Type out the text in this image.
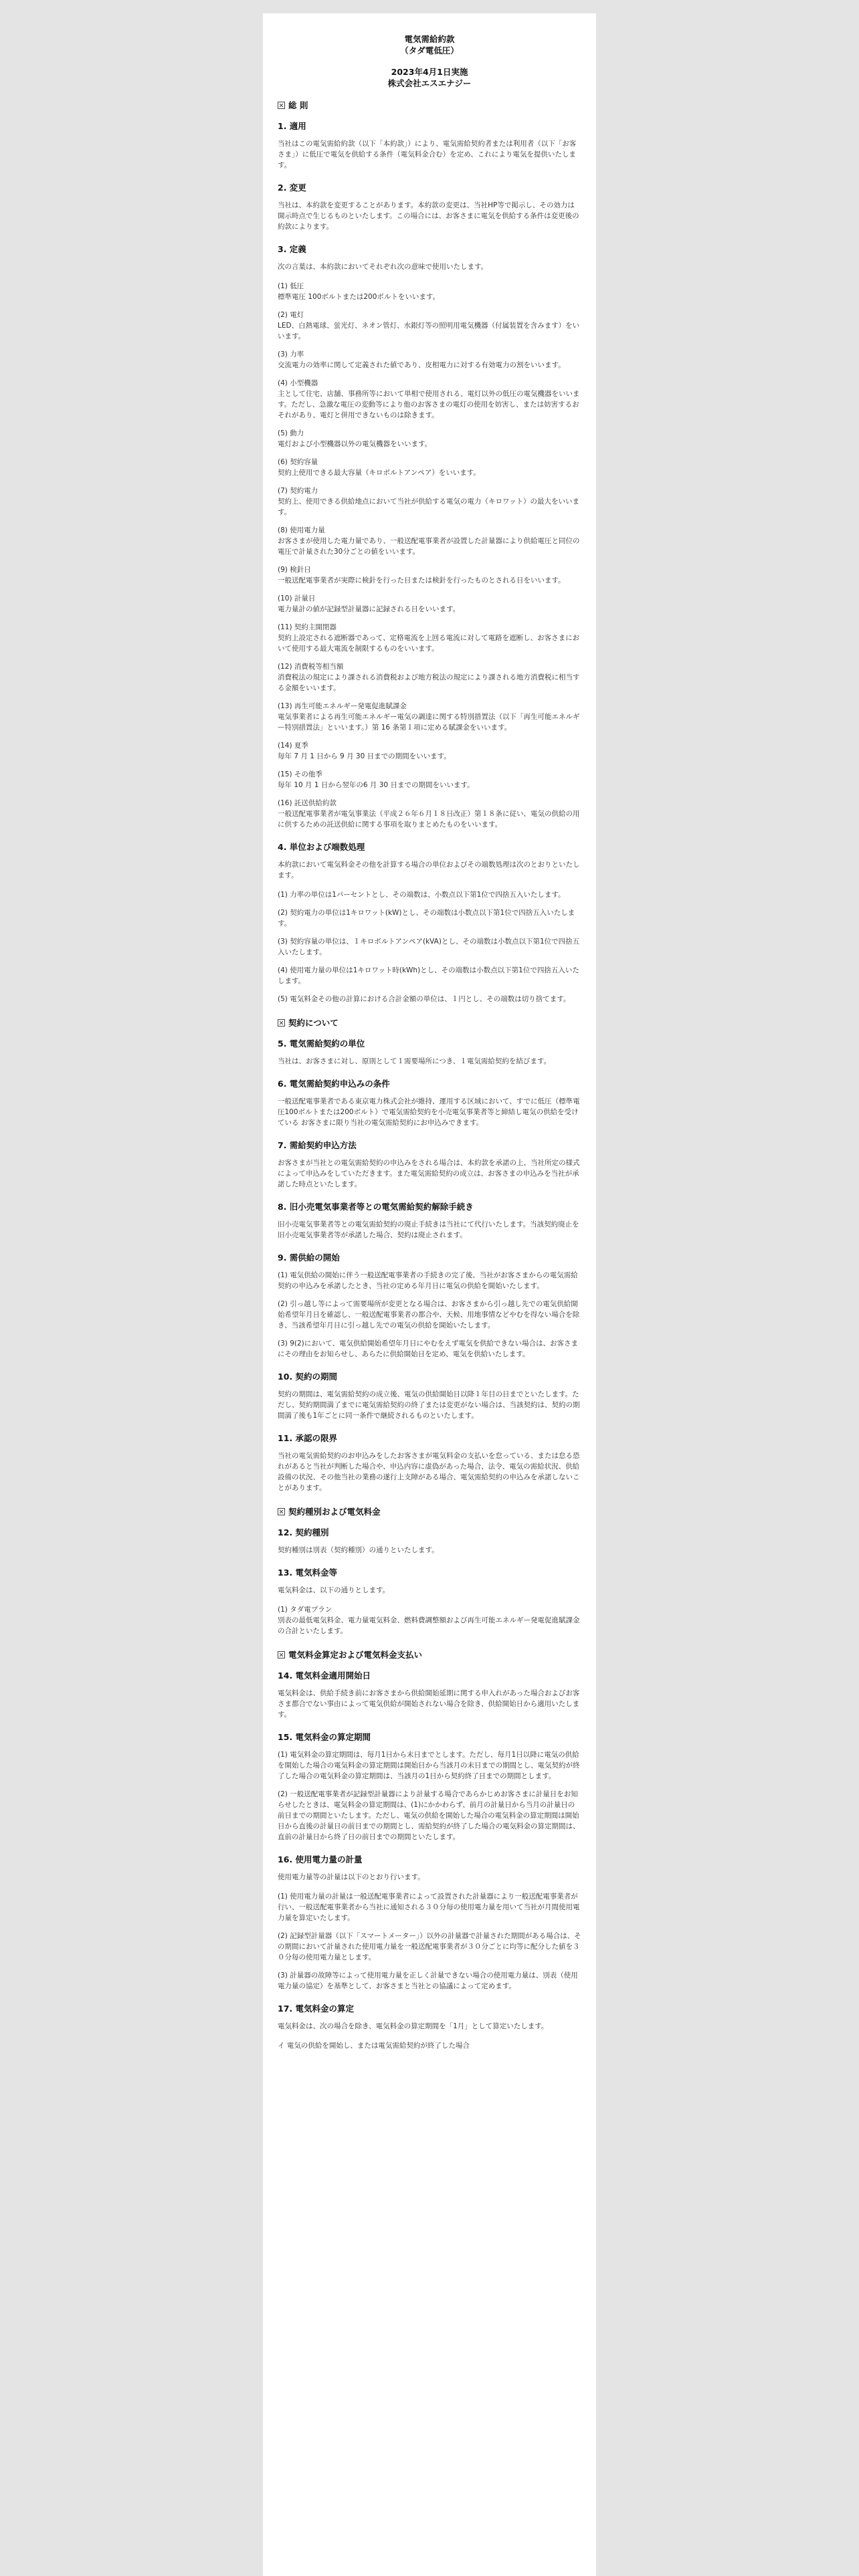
電気需給約款
（タダ電低圧）
2023年4月1日実施
株式会社エスエナジー
総 則
1. 適用

当社はこの電気需給約款（以下「本約款」）により、電気需給契約者または利用者（以下「お客さま」）に低圧で電気を供給する条件（電気料金合む）を定め、これにより電気を提供いたします。

2. 変更

当社は、本約款を変更することがあります。本約款の変更は、当社HP等で掲示し、その効力は開示時点で生じるものといたします。この場合には、お客さまに電気を供給する条件は変更後の約款によります。

3. 定義

次の言葉は、本約款においてそれぞれ次の意味で使用いたします。

(1) 低圧
標準電圧 100ボルトまたは200ボルトをいいます。
(2) 電灯
LED、白熱電球、蛍光灯、ネオン管灯、水銀灯等の照明用電気機器（付属装置を含みます）をいいます。
(3) 力率
交流電力の効率に関して定義された値であり、皮相電力に対する有効電力の割をいいます。
(4) 小型機器
主として住宅、店舗、事務所等において単相で使用される、電灯以外の低圧の電気機器をいいます。ただし、急激な電圧の変動等により他のお客さまの電灯の使用を妨害し、または妨害するおそれがあり、電灯と併用できないものは除きます。
(5) 動力
電灯および小型機器以外の電気機器をいいます。
(6) 契約容量
契約上使用できる最大容量（キロボルトアンペア）をいいます。
(7) 契約電力
契約上、使用できる供給地点において当社が供給する電気の電力（キロワット）の最大をいいます。
(8) 使用電力量
お客さまが使用した電力量であり、一般送配電事業者が設置した計量器により供給電圧と同位の電圧で計量された30分ごとの値をいいます。
(9) 検針日
一般送配電事業者が実際に検針を行った日または検針を行ったものとされる日をいいます。
(10) 計量日
電力量計の値が記録型計量器に記録される日をいいます。
(11) 契約主開閉器
契約上設定される遮断器であって、定格電流を上回る電流に対して電路を遮断し、お客さまにおいて使用する最大電流を制限するものをいいます。
(12) 消費税等相当額
消費税法の規定により課される消費税および地方税法の規定により課される地方消費税に相当する金額をいいます。
(13) 再生可能エネルギー発電促進賦課金
電気事業者による再生可能エネルギー電気の調達に関する特別措置法（以下「再生可能エネルギー特別措置法」といいます。）第 16 条第１項に定める賦課金をいいます。
(14) 夏季
毎年 7 月 1 日から 9 月 30 日までの期間をいいます。
(15) その他季
毎年 10 月 1 日から翌年の6 月 30 日までの期間をいいます。
(16) 託送供給約款
一般送配電事業者が電気事業法（平成２６年６月１８日改正）第１８条に従い、電気の供給の用に供するための託送供給に関する事項を取りまとめたものをいいます。
4. 単位および端数処理

本約款において電気料金その他を計算する場合の単位およびその端数処理は次のとおりといたします。

(1) 力率の単位は1パーセントとし、その端数は、小数点以下第1位で四捨五入いたします。
(2) 契約電力の単位は1キロワット(kW)とし、その端数は小数点以下第1位で四捨五入いたします。
(3) 契約容量の単位は、１キロボルトアンペア(kVA)とし、その端数は小数点以下第1位で四捨五入いたします。
(4) 使用電力量の単位は1キロワット時(kWh)とし、その端数は小数点以下第1位で四捨五入いたします。
(5) 電気料金その他の計算における合計金額の単位は、１円とし、その端数は切り捨てます。
契約について
5. 電気需給契約の単位

当社は、お客さまに対し、原則として１需要場所につき、１電気需給契約を結びます。

6. 電気需給契約申込みの条件

一般送配電事業者である東京電力株式会社が維持、運用する区域において、すでに低圧（標準電圧100ボルトまたは200ボルト）で電気需給契約を小売電気事業者等と締結し電気の供給を受けている お客さまに限り当社の電気需給契約にお申込みできます。

7. 需給契約申込方法

お客さまが当社との電気需給契約の申込みをされる場合は、本約款を承諾の上、当社所定の様式によって申込みをしていただきます。また電気需給契約の成立は、お客さまの申込みを当社が承諾した時点といたします。

8. 旧小売電気事業者等との電気需給契約解除手続き

旧小売電気事業者等との電気需給契約の廃止手続きは当社にて代行いたします。当該契約廃止を旧小売電気事業者等が承諾した場合、契約は廃止されます。

9. 需供給の開始
(1) 電気供給の開始に伴う一般送配電事業者の手続きの完了後、当社がお客さまからの電気需給契約の申込みを承諾したとき、当社の定める年月日に電気の供給を開始いたします。
(2) 引っ越し等によって需要場所が変更となる場合は、お客さまから引っ越し先での電気供給開始希望年月日を確認し、一般送配電事業者の都合や、天候、用地事情などやむを得ない場合を除き、当該希望年月日に引っ越し先での電気の供給を開始いたします。
(3) 9(2)において、電気供給開始希望年月日にやむをえず電気を供給できない場合は、お客さまにその理由をお知らせし、あらたに供給開始日を定め、電気を供給いたします。
10. 契約の期間

契約の期間は、電気需給契約の成立後、電気の供給開始日以降１年目の日までといたします。ただし、契約期間満了までに電気需給契約の終了または変更がない場合は、当該契約は、契約の期間満了後も1年ごとに同一条件で継続されるものといたします。

11. 承認の限界

当社の電気需給契約のお申込みをしたお客さまが電気料金の支払いを怠っている、または怠る恐れがあると当社が判断した場合や、申込内容に虚偽があった場合、法令、電気の需給状況、供給設備の状況、その他当社の業務の遂行上支障がある場合、電気需給契約の申込みを承諾しないことがあります。

契約種別および電気料金
12. 契約種別

契約種別は別表（契約種別）の通りといたします。

13. 電気料金等

電気料金は、以下の通りとします。

(1) タダ電プラン
別表の最低電気料金、電力量電気料金、燃料費調整額および再生可能エネルギー発電促進賦課金の合計といたします。
電気料金算定および電気料金支払い
14. 電気料金適用開始日

電気料金は、供給手続き前にお客さまから供給開始延期に関する申入れがあった場合およびお客さま都合でない事由によって電気供給が開始されない場合を除き、供給開始日から適用いたします。

15. 電気料金の算定期間
(1) 電気料金の算定期間は、毎月1日から末日までとします。ただし、毎月1日以降に電気の供給を開始した場合の電気料金の算定期間は開始日から当該月の末日までの期間とし、電気契約が終了した場合の電気料金の算定期間は、当該月の1日から契約終了日までの期間とします。
(2) 一般送配電事業者が記録型計量器により計量する場合であらかじめお客さまに計量日をお知らせしたときは、電気料金の算定期間は、(1)にかかわらず、前月の計量日から当月の計量日の前日までの期間といたします。ただし、電気の供給を開始した場合の電気料金の算定期間は開始日から直後の計量日の前日までの期間とし、需給契約が終了した場合の電気料金の算定期間は、直前の計量日から終了日の前日までの期間といたします。
16. 使用電力量の計量

使用電力量等の計量は以下のとおり行います。

(1) 使用電力量の計量は一般送配電事業者によって設置された計量器により一般送配電事業者が行い、一般送配電事業者から当社に通知される３０分毎の使用電力量を用いて当社が月間使用電力量を算定いたします。
(2) 記録型計量器（以下「スマートメーター」）以外の計量器で計量された期間がある場合は、その期間において計量された使用電力量を一般送配電事業者が３０分ごとに均等に配分した値を３０分毎の使用電力量とします。
(3) 計量器の故障等によって使用電力量を正しく計量できない場合の使用電力量は、別表（使用電力量の協定）を基準として、お客さまと当社との協議によって定めます。
17. 電気料金の算定

電気料金は、次の場合を除き、電気料金の算定期間を「1月」として算定いたします。

イ 電気の供給を開始し、または電気需給契約が終了した場合
